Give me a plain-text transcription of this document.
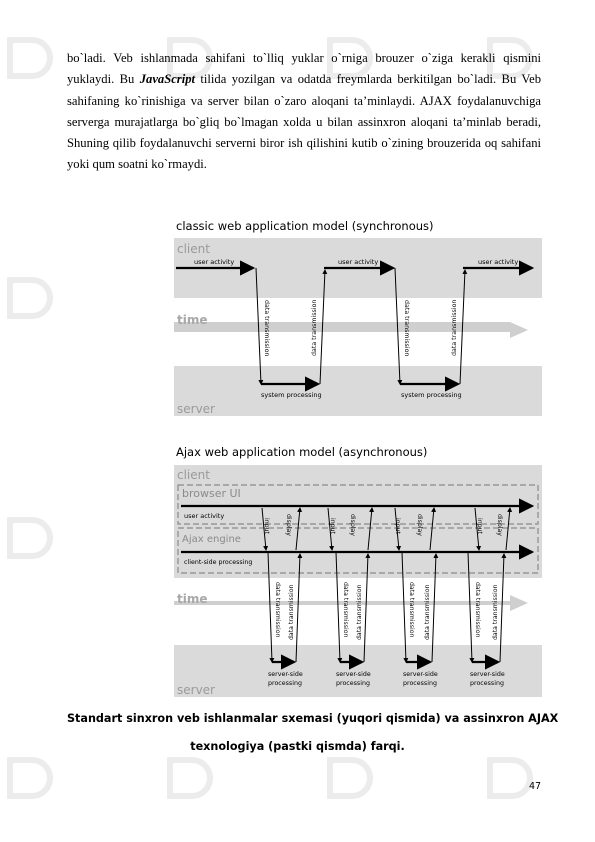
bo`ladi. Veb ishlanmada sahifani to`lliq yuklar o`rniga brouzer o`ziga kerakli qismini yuklaydi. Bu JavaScript tilida yozilgan va odatda freymlarda berkitilgan bo`ladi. Bu Veb sahifaning ko`rinishiga va server bilan o`zaro aloqani ta’minlaydi. AJAX foydalanuvchiga serverga murajatlarga bo`gliq bo`lmagan xolda u bilan assinxron aloqani ta’minlab beradi, Shuning qilib foydalanuvchi serverni biror ish qilishini kutib o`zining brouzerida oq sahifani yoki qum soatni ko`rmaydi.
classic web application model (synchronous)
client
time
server
user activity	user activity	user activity
data transmission	data transmission	data transmission	data transmission
system processing	system processing
Ajax web application model (asynchronous)
client
browser UI
Ajax engine
user activity
client-side processing
input display	input display	input display	input display
time
server
data transmission data transmission	data transmission data transmission	data transmission data transmission	data transmission data transmission
server-side
processing
server-side
processing
server-side
processing
server-side
processing
Standart sinxron veb ishlanmalar sxemasi (yuqori qismida) va assinxron AJAX
texnologiya (pastki qismda) farqi.
47
